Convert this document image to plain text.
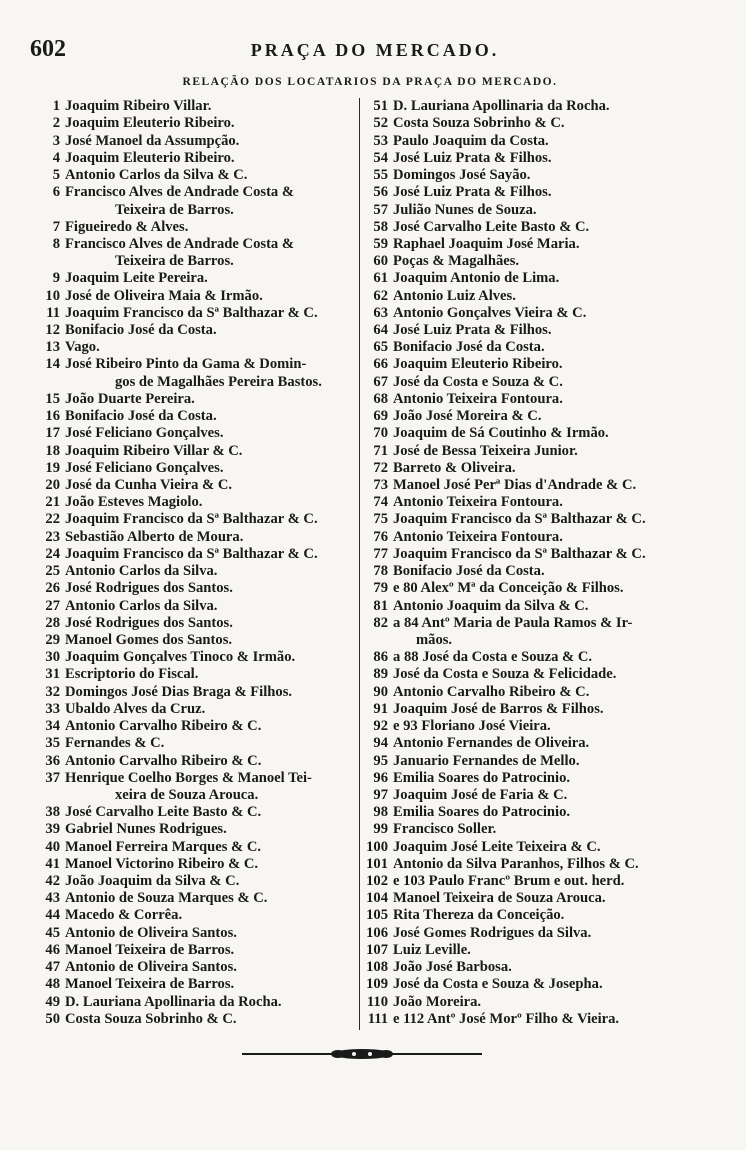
602	PRAÇA DO MERCADO.
RELAÇÃO DOS LOCATARIOS DA PRAÇA DO MERCADO.
1 Joaquim Ribeiro Villar.
2 Joaquim Eleuterio Ribeiro.
3 José Manoel da Assumpção.
4 Joaquim Eleuterio Ribeiro.
5 Antonio Carlos da Silva & C.
6 Francisco Alves de Andrade Costa &
Teixeira de Barros.
7 Figueiredo & Alves.
8 Francisco Alves de Andrade Costa &
Teixeira de Barros.
9 Joaquim Leite Pereira.
10 José de Oliveira Maia & Irmão.
11 Joaquim Francisco da Sª Balthazar & C.
12 Bonifacio José da Costa.
13 Vago.
14 José Ribeiro Pinto da Gama & Domin-
gos de Magalhães Pereira Bastos.
15 João Duarte Pereira.
16 Bonifacio José da Costa.
17 José Feliciano Gonçalves.
18 Joaquim Ribeiro Villar & C.
19 José Feliciano Gonçalves.
20 José da Cunha Vieira & C.
21 João Esteves Magiolo.
22 Joaquim Francisco da Sª Balthazar & C.
23 Sebastião Alberto de Moura.
24 Joaquim Francisco da Sª Balthazar & C.
25 Antonio Carlos da Silva.
26 José Rodrigues dos Santos.
27 Antonio Carlos da Silva.
28 José Rodrigues dos Santos.
29 Manoel Gomes dos Santos.
30 Joaquim Gonçalves Tinoco & Irmão.
31 Escriptorio do Fiscal.
32 Domingos José Dias Braga & Filhos.
33 Ubaldo Alves da Cruz.
34 Antonio Carvalho Ribeiro & C.
35 Fernandes & C.
36 Antonio Carvalho Ribeiro & C.
37 Henrique Coelho Borges & Manoel Tei-
xeira de Souza Arouca.
38 José Carvalho Leite Basto & C.
39 Gabriel Nunes Rodrigues.
40 Manoel Ferreira Marques & C.
41 Manoel Victorino Ribeiro & C.
42 João Joaquim da Silva & C.
43 Antonio de Souza Marques & C.
44 Macedo & Corrêa.
45 Antonio de Oliveira Santos.
46 Manoel Teixeira de Barros.
47 Antonio de Oliveira Santos.
48 Manoel Teixeira de Barros.
49 D. Lauriana Apollinaria da Rocha.
50 Costa Souza Sobrinho & C.
51 D. Lauriana Apollinaria da Rocha.
52 Costa Souza Sobrinho & C.
53 Paulo Joaquim da Costa.
54 José Luiz Prata & Filhos.
55 Domingos José Sayão.
56 José Luiz Prata & Filhos.
57 Julião Nunes de Souza.
58 José Carvalho Leite Basto & C.
59 Raphael Joaquim José Maria.
60 Poças & Magalhães.
61 Joaquim Antonio de Lima.
62 Antonio Luiz Alves.
63 Antonio Gonçalves Vieira & C.
64 José Luiz Prata & Filhos.
65 Bonifacio José da Costa.
66 Joaquim Eleuterio Ribeiro.
67 José da Costa e Souza & C.
68 Antonio Teixeira Fontoura.
69 João José Moreira & C.
70 Joaquim de Sá Coutinho & Irmão.
71 José de Bessa Teixeira Junior.
72 Barreto & Oliveira.
73 Manoel José Perª Dias d'Andrade & C.
74 Antonio Teixeira Fontoura.
75 Joaquim Francisco da Sª Balthazar & C.
76 Antonio Teixeira Fontoura.
77 Joaquim Francisco da Sª Balthazar & C.
78 Bonifacio José da Costa.
79 e 80 Alexº Mª da Conceição & Filhos.
81 Antonio Joaquim da Silva & C.
82 a 84 Antº Maria de Paula Ramos & Ir-
mãos.
86 a 88 José da Costa e Souza & C.
89 José da Costa e Souza & Felicidade.
90 Antonio Carvalho Ribeiro & C.
91 Joaquim José de Barros & Filhos.
92 e 93 Floriano José Vieira.
94 Antonio Fernandes de Oliveira.
95 Januario Fernandes de Mello.
96 Emilia Soares do Patrocinio.
97 Joaquim José de Faria & C.
98 Emilia Soares do Patrocinio.
99 Francisco Soller.
100 Joaquim José Leite Teixeira & C.
101 Antonio da Silva Paranhos, Filhos & C.
102 e 103 Paulo Francº Brum e out. herd.
104 Manoel Teixeira de Souza Arouca.
105 Rita Thereza da Conceição.
106 José Gomes Rodrigues da Silva.
107 Luiz Leville.
108 João José Barbosa.
109 José da Costa e Souza & Josepha.
110 João Moreira.
111 e 112 Antº José Morº Filho & Vieira.
